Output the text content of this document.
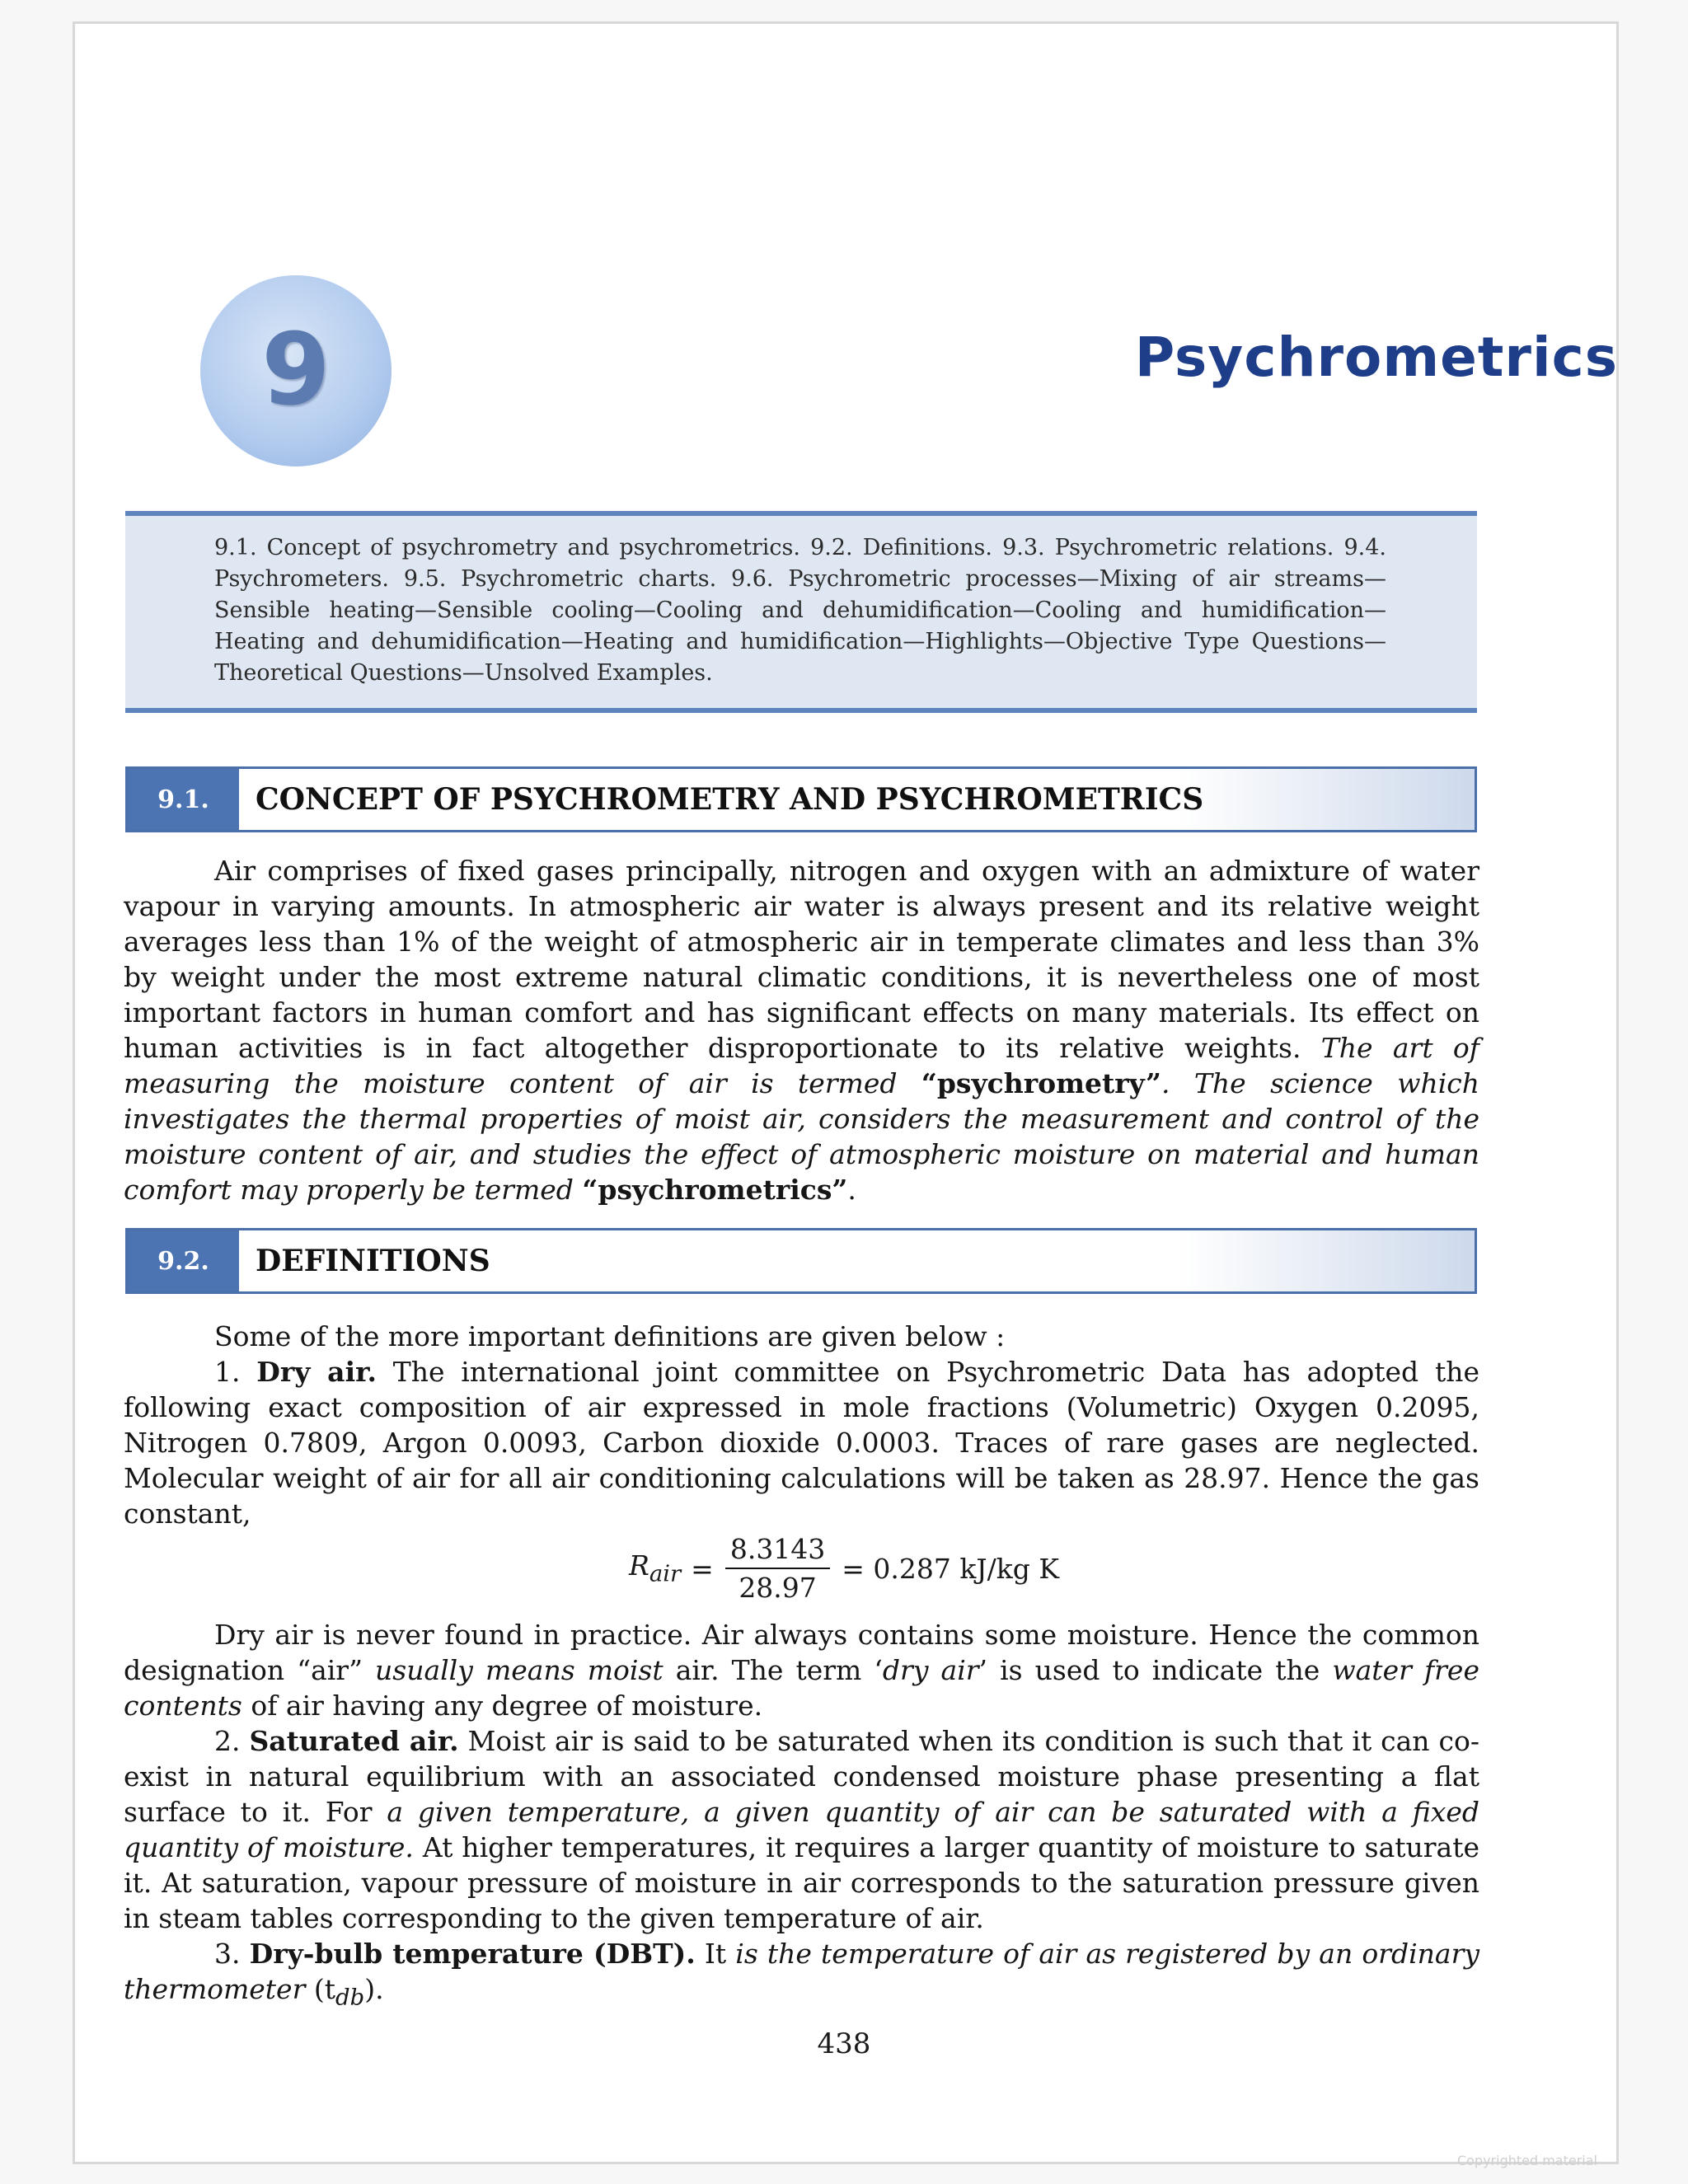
9	Psychrometrics
9.1. Concept of psychrometry and psychrometrics. 9.2. Definitions. 9.3. Psychrometric relations. 9.4. Psychrometers. 9.5. Psychrometric charts. 9.6. Psychrometric processes—Mixing of air streams—Sensible heating—Sensible cooling—Cooling and dehumidification—Cooling and humidification—Heating and dehumidification—Heating and humidification—Highlights—Objective Type Questions—Theoretical Questions—Unsolved Examples.
9.1.	CONCEPT OF PSYCHROMETRY AND PSYCHROMETRICS

Air comprises of fixed gases principally, nitrogen and oxygen with an admixture of water vapour in varying amounts. In atmospheric air water is always present and its relative weight averages less than 1% of the weight of atmospheric air in temperate climates and less than 3% by weight under the most extreme natural climatic conditions, it is nevertheless one of most important factors in human comfort and has significant effects on many materials. Its effect on human activities is in fact altogether disproportionate to its relative weights. The art of measuring the moisture content of air is termed “psychrometry”. The science which investigates the thermal properties of moist air, considers the measurement and control of the moisture content of air, and studies the effect of atmospheric moisture on material and human comfort may properly be termed “psychrometrics”.

9.2.	DEFINITIONS

Some of the more important definitions are given below :

1. Dry air. The international joint committee on Psychrometric Data has adopted the following exact composition of air expressed in mole fractions (Volumetric) Oxygen 0.2095, Nitrogen 0.7809, Argon 0.0093, Carbon dioxide 0.0003. Traces of rare gases are neglected. Molecular weight of air for all air conditioning calculations will be taken as 28.97. Hence the gas constant,

$R_{air} = \frac{8.3143}{28.97} = 0.287$ kJ/kg K

Dry air is never found in practice. Air always contains some moisture. Hence the common designation “air” usually means moist air. The term ‘dry air’ is used to indicate the water free contents of air having any degree of moisture.

2. Saturated air. Moist air is said to be saturated when its condition is such that it can co-exist in natural equilibrium with an associated condensed moisture phase presenting a flat surface to it. For a given temperature, a given quantity of air can be saturated with a fixed quantity of moisture. At higher temperatures, it requires a larger quantity of moisture to saturate it. At saturation, vapour pressure of moisture in air corresponds to the saturation pressure given in steam tables corresponding to the given temperature of air.

3. Dry-bulb temperature (DBT). It is the temperature of air as registered by an ordinary thermometer $(t_{db})$.

438
Copyrighted material
